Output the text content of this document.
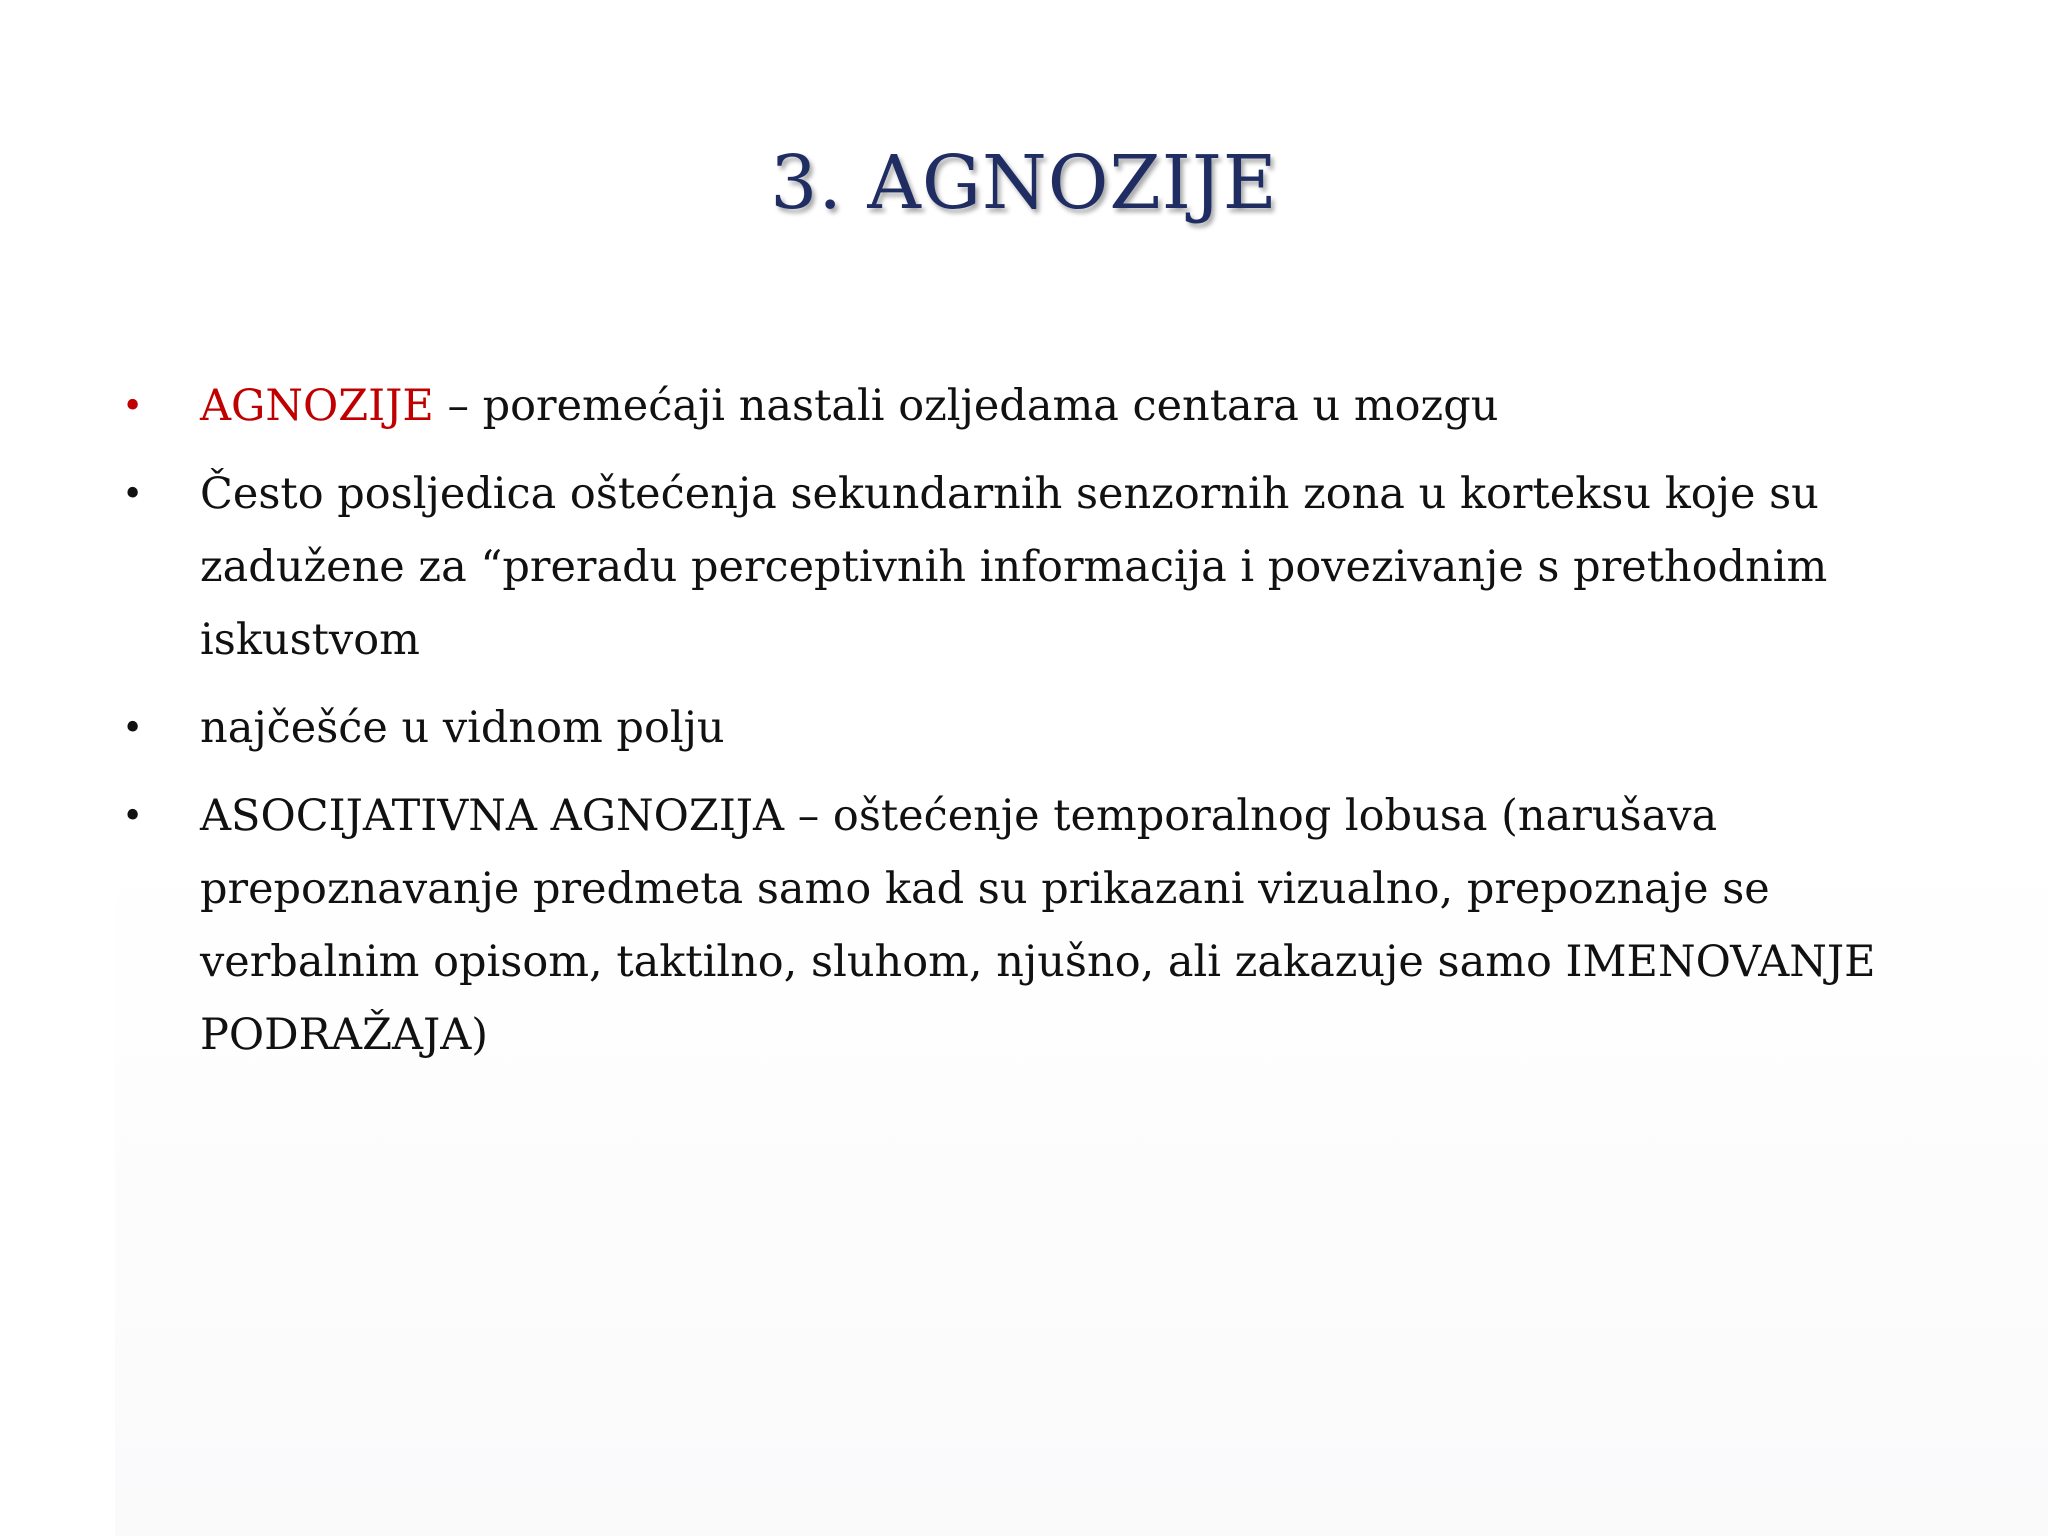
3. AGNOZIJE
• AGNOZIJE – poremećaji nastali ozljedama centara u mozgu
• Često posljedica oštećenja sekundarnih senzornih zona u korteksu koje su zadužene za “preradu perceptivnih informacija i povezivanje s prethodnim iskustvom
• najčešće u vidnom polju
• ASOCIJATIVNA AGNOZIJA – oštećenje temporalnog lobusa (narušava prepoznavanje predmeta samo kad su prikazani vizualno, prepoznaje se verbalnim opisom, taktilno, sluhom, njušno, ali zakazuje samo IMENOVANJE PODRAŽAJA)
